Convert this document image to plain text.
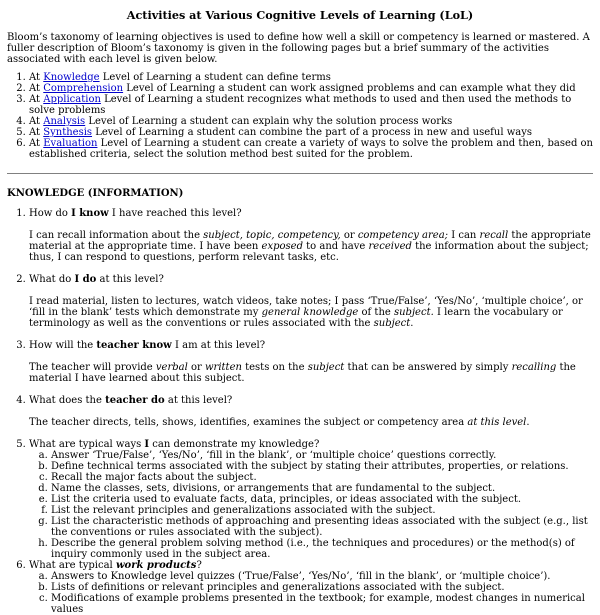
Activities at Various Cognitive Levels of Learning (LoL)

Bloom’s taxonomy of learning objectives is used to define how well a skill or competency is learned or mastered. A fuller description of Bloom’s taxonomy is given in the following pages but a brief summary of the activities associated with each level is given below.

1. At Knowledge Level of Learning a student can define terms
2. At Comprehension Level of Learning a student can work assigned problems and can example what they did
3. At Application Level of Learning a student recognizes what methods to used and then used the methods to solve problems
4. At Analysis Level of Learning a student can explain why the solution process works
5. At Synthesis Level of Learning a student can combine the part of a process in new and useful ways
6. At Evaluation Level of Learning a student can create a variety of ways to solve the problem and then, based on established criteria, select the solution method best suited for the problem.
KNOWLEDGE (INFORMATION)
1. How do I know I have reached this level?

I can recall information about the subject, topic, competency, or competency area; I can recall the appropriate material at the appropriate time. I have been exposed to and have received the information about the subject; thus, I can respond to questions, perform relevant tasks, etc.

2. What do I do at this level?

I read material, listen to lectures, watch videos, take notes; I pass ‘True/False’, ‘Yes/No’, ‘multiple choice’, or ‘fill in the blank’ tests which demonstrate my general knowledge of the subject. I learn the vocabulary or terminology as well as the conventions or rules associated with the subject.

3. How will the teacher know I am at this level?

The teacher will provide verbal or written tests on the subject that can be answered by simply recalling the material I have learned about this subject.

4. What does the teacher do at this level?

The teacher directs, tells, shows, identifies, examines the subject or competency area at this level.

5. What are typical ways I can demonstrate my knowledge?
a. Answer ‘True/False’, ‘Yes/No’, ‘fill in the blank’, or ‘multiple choice’ questions correctly.
b. Define technical terms associated with the subject by stating their attributes, properties, or relations.
c. Recall the major facts about the subject.
d. Name the classes, sets, divisions, or arrangements that are fundamental to the subject.
e. List the criteria used to evaluate facts, data, principles, or ideas associated with the subject.
f. List the relevant principles and generalizations associated with the subject.
g. List the characteristic methods of approaching and presenting ideas associated with the subject (e.g., list the conventions or rules associated with the subject).
h. Describe the general problem solving method (i.e., the techniques and procedures) or the method(s) of inquiry commonly used in the subject area.
6. What are typical work products?
a. Answers to Knowledge level quizzes (‘True/False’, ‘Yes/No’, ‘fill in the blank’, or ‘multiple choice’).
b. Lists of definitions or relevant principles and generalizations associated with the subject.
c. Modifications of example problems presented in the textbook; for example, modest changes in numerical values
